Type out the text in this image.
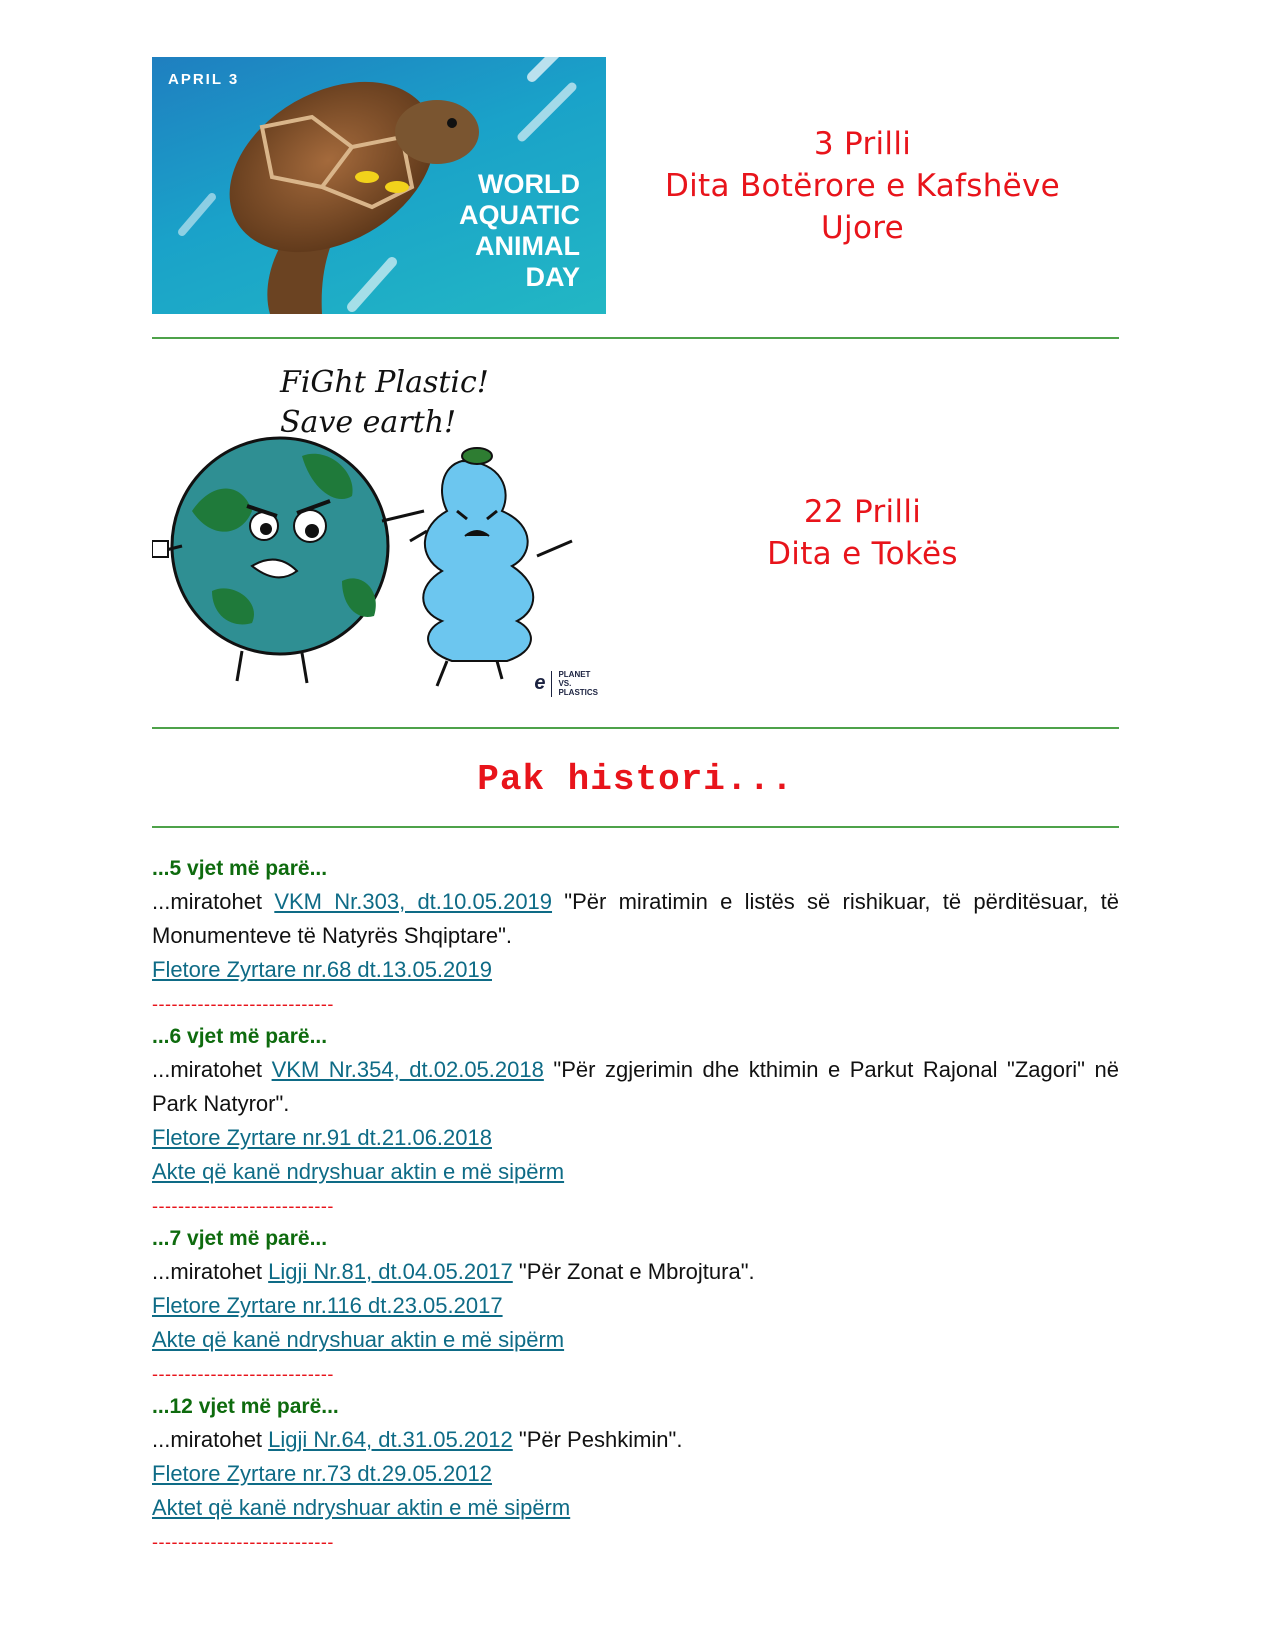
APRIL 3
WORLD
AQUATIC
ANIMAL
DAY
3 Prilli
Dita Botërore e Kafshëve
Ujore
FiGht Plastic!
Save earth!
e PLANET
VS.
PLASTICS
22 Prilli
Dita e Tokës
Pak histori...
...5 vjet më parë...
...miratohet VKM Nr.303, dt.10.05.2019 "Për miratimin e listës së rishikuar, të përditësuar, të Monumenteve të Natyrës Shqiptare".
Fletore Zyrtare nr.68 dt.13.05.2019
----------------------------
...6 vjet më parë...
...miratohet VKM Nr.354, dt.02.05.2018 "Për zgjerimin dhe kthimin e Parkut Rajonal "Zagori" në Park Natyror".
Fletore Zyrtare nr.91 dt.21.06.2018
Akte që kanë ndryshuar aktin e më sipërm
----------------------------
...7 vjet më parë...
...miratohet Ligji Nr.81, dt.04.05.2017 "Për Zonat e Mbrojtura".
Fletore Zyrtare nr.116 dt.23.05.2017
Akte që kanë ndryshuar aktin e më sipërm
----------------------------
...12 vjet më parë...
...miratohet Ligji Nr.64, dt.31.05.2012 "Për Peshkimin".
Fletore Zyrtare nr.73 dt.29.05.2012
Aktet që kanë ndryshuar aktin e më sipërm
----------------------------
